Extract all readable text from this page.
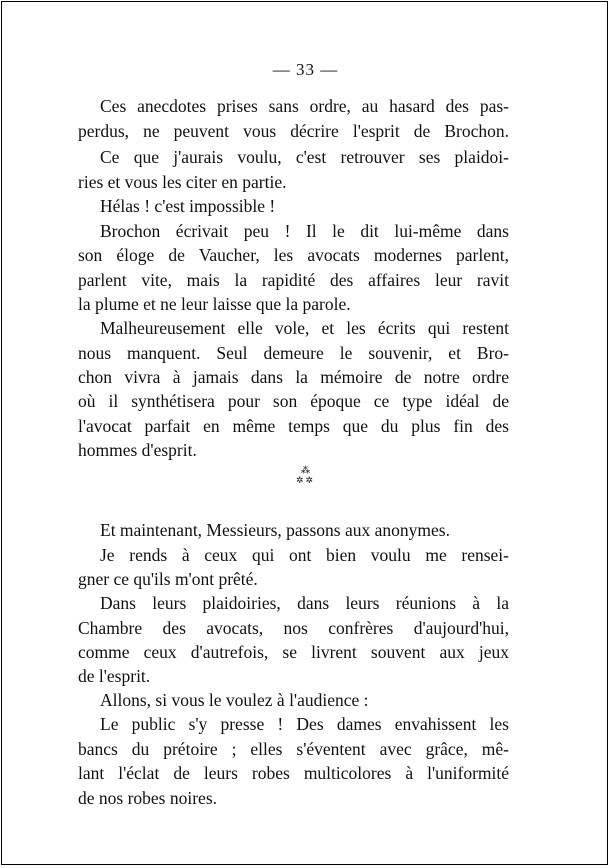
— 33 —
Ces anecdotes prises sans ordre, au hasard des pas-
perdus, ne peuvent vous décrire l'esprit de Brochon.
Ce que j'aurais voulu, c'est retrouver ses plaidoi-
ries et vous les citer en partie.
Hélas ! c'est impossible !
Brochon écrivait peu ! Il le dit lui-même dans
son éloge de Vaucher, les avocats modernes parlent,
parlent vite, mais la rapidité des affaires leur ravit
la plume et ne leur laisse que la parole.
Malheureusement elle vole, et les écrits qui restent
nous manquent. Seul demeure le souvenir, et Bro-
chon vivra à jamais dans la mémoire de notre ordre
où il synthétisera pour son époque ce type idéal de
l'avocat parfait en même temps que du plus fin des
hommes d'esprit.
⁂
✲✲
Et maintenant, Messieurs, passons aux anonymes.
Je rends à ceux qui ont bien voulu me rensei-
gner ce qu'ils m'ont prêté.
Dans leurs plaidoiries, dans leurs réunions à la
Chambre des avocats, nos confrères d'aujourd'hui,
comme ceux d'autrefois, se livrent souvent aux jeux
de l'esprit.
Allons, si vous le voulez à l'audience :
Le public s'y presse ! Des dames envahissent les
bancs du prétoire ; elles s'éventent avec grâce, mê-
lant l'éclat de leurs robes multicolores à l'uniformité
de nos robes noires.
